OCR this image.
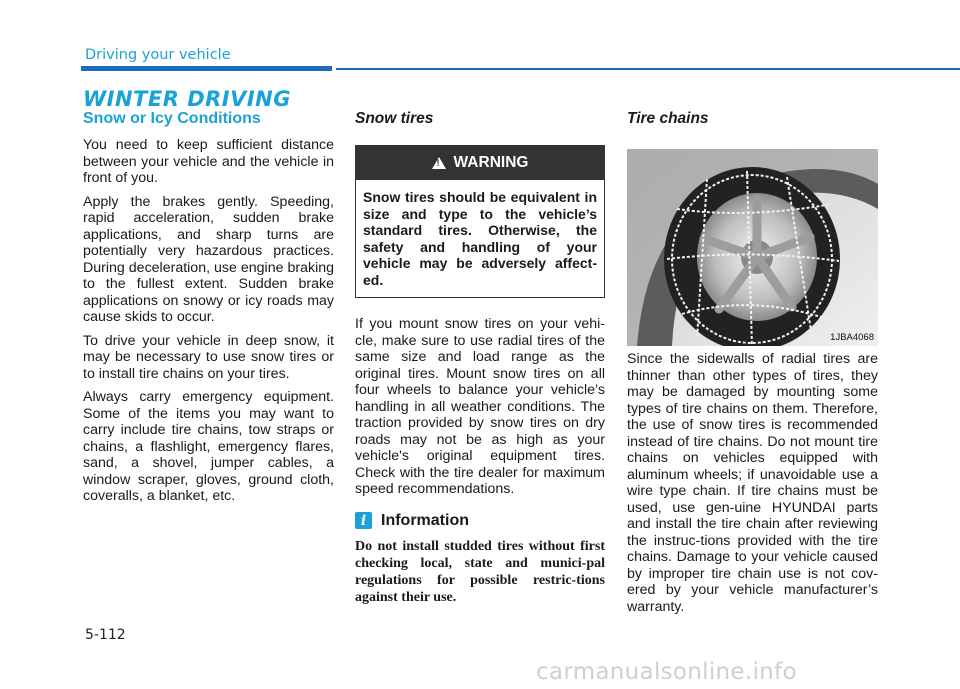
Driving your vehicle
WINTER DRIVING
Snow or Icy Conditions

You need to keep sufficient distance between your vehicle and the vehicle in front of you.

Apply the brakes gently. Speeding, rapid acceleration, sudden brake applications, and sharp turns are potentially very hazardous practices. During deceleration, use engine braking to the fullest extent. Sudden brake applications on snowy or icy roads may cause skids to occur.

To drive your vehicle in deep snow, it may be necessary to use snow tires or to install tire chains on your tires.

Always carry emergency equipment. Some of the items you may want to carry include tire chains, tow straps or chains, a flashlight, emergency flares, sand, a shovel, jumper cables, a window scraper, gloves, ground cloth, coveralls, a blanket, etc.

Snow tires
!
WARNING
Snow tires should be equivalent in size and type to the vehicle’s standard tires. Otherwise, the safety and handling of your vehicle may be adversely affect-ed.

If you mount snow tires on your vehi-cle, make sure to use radial tires of the same size and load range as the original tires. Mount snow tires on all four wheels to balance your vehicle’s handling in all weather conditions. The traction provided by snow tires on dry roads may not be as high as your vehicle's original equipment tires. Check with the tire dealer for maximum speed recommendations.

i Information

Do not install studded tires without first checking local, state and munici-pal regulations for possible restric-tions against their use.

Tire chains
1JBA4068

Since the sidewalls of radial tires are thinner than other types of tires, they may be damaged by mounting some types of tire chains on them. Therefore, the use of snow tires is recommended instead of tire chains. Do not mount tire chains on vehicles equipped with aluminum wheels; if unavoidable use a wire type chain. If tire chains must be used, use gen-uine HYUNDAI parts and install the tire chain after reviewing the instruc-tions provided with the tire chains. Damage to your vehicle caused by improper tire chain use is not cov-ered by your vehicle manufacturer’s warranty.

5-112
carmanualsonline.info
